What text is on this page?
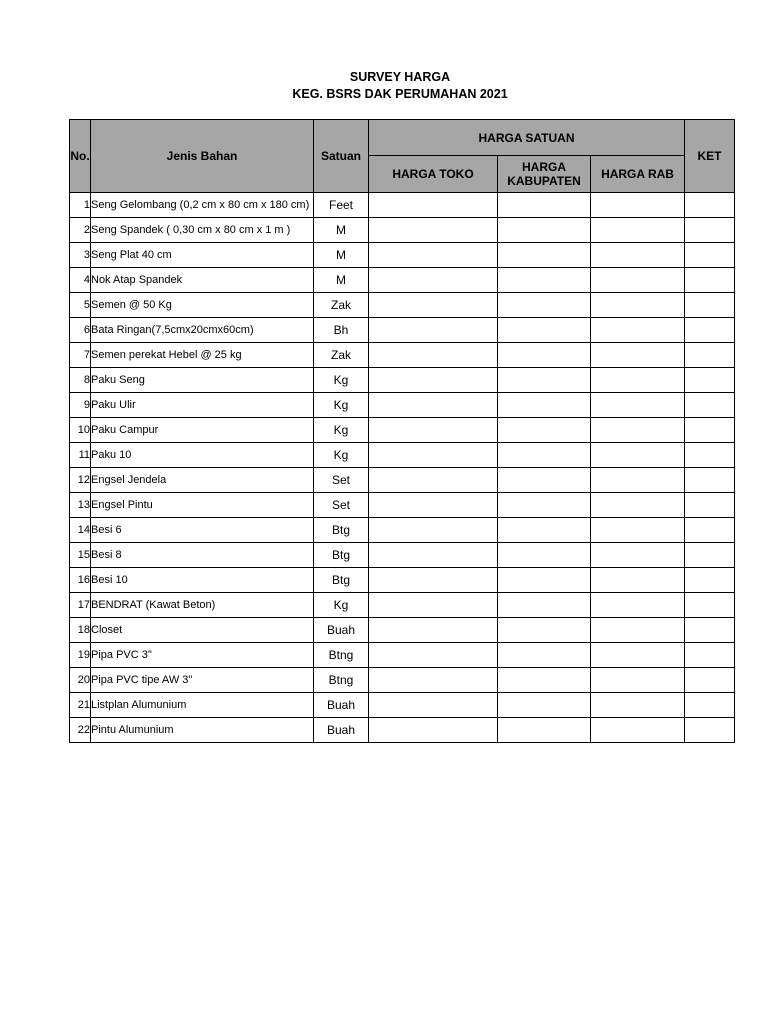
SURVEY HARGA
KEG. BSRS DAK PERUMAHAN 2021
No.	Jenis Bahan	Satuan	HARGA SATUAN			KET
			HARGA TOKO	HARGA KABUPATEN	HARGA RAB	
1	Seng Gelombang (0,2 cm x 80 cm x 180 cm)	Feet				
2	Seng Spandek ( 0,30 cm x 80 cm x 1 m )	M				
3	Seng Plat 40 cm	M				
4	Nok Atap Spandek	M				
5	Semen @ 50 Kg	Zak				
6	Bata Ringan(7,5cmx20cmx60cm)	Bh				
7	Semen perekat Hebel @ 25 kg	Zak				
8	Paku Seng	Kg				
9	Paku Ulir	Kg				
10	Paku Campur	Kg				
11	Paku 10	Kg				
12	Engsel Jendela	Set				
13	Engsel Pintu	Set				
14	Besi 6	Btg				
15	Besi 8	Btg				
16	Besi 10	Btg				
17	BENDRAT (Kawat Beton)	Kg				
18	Closet	Buah				
19	Pipa PVC 3"	Btng				
20	Pipa PVC tipe AW 3"	Btng				
21	Listplan Alumunium	Buah				
22	Pintu Alumunium	Buah				
